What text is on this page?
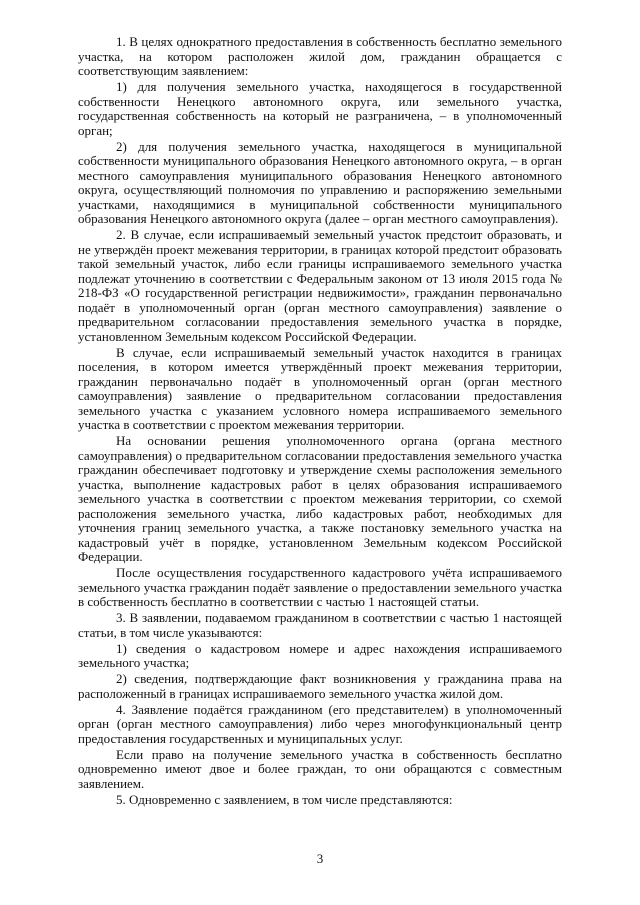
1. В целях однократного предоставления в собственность бесплатно земельного участка, на котором расположен жилой дом, гражданин обращается с соответствующим заявлением:

1) для получения земельного участка, находящегося в государственной собственности Ненецкого автономного округа, или земельного участка, государственная собственность на который не разграничена, – в уполномоченный орган;

2) для получения земельного участка, находящегося в муниципальной собственности муниципального образования Ненецкого автономного округа, – в орган местного самоуправления муниципального образования Ненецкого автономного округа, осуществляющий полномочия по управлению и распоряжению земельными участками, находящимися в муниципальной собственности муниципального образования Ненецкого автономного округа (далее – орган местного самоуправления).

2. В случае, если испрашиваемый земельный участок предстоит образовать, и не утверждён проект межевания территории, в границах которой предстоит образовать такой земельный участок, либо если границы испрашиваемого земельного участка подлежат уточнению в соответствии с Федеральным законом от 13 июля 2015 года № 218-ФЗ «О государственной регистрации недвижимости», гражданин первоначально подаёт в уполномоченный орган (орган местного самоуправления) заявление о предварительном согласовании предоставления земельного участка в порядке, установленном Земельным кодексом Российской Федерации.

В случае, если испрашиваемый земельный участок находится в границах поселения, в котором имеется утверждённый проект межевания территории, гражданин первоначально подаёт в уполномоченный орган (орган местного самоуправления) заявление о предварительном согласовании предоставления земельного участка с указанием условного номера испрашиваемого земельного участка в соответствии с проектом межевания территории.

На основании решения уполномоченного органа (органа местного самоуправления) о предварительном согласовании предоставления земельного участка гражданин обеспечивает подготовку и утверждение схемы расположения земельного участка, выполнение кадастровых работ в целях образования испрашиваемого земельного участка в соответствии с проектом межевания территории, со схемой расположения земельного участка, либо кадастровых работ, необходимых для уточнения границ земельного участка, а также постановку земельного участка на кадастровый учёт в порядке, установленном Земельным кодексом Российской Федерации.

После осуществления государственного кадастрового учёта испрашиваемого земельного участка гражданин подаёт заявление о предоставлении земельного участка в собственность бесплатно в соответствии с частью 1 настоящей статьи.

3. В заявлении, подаваемом гражданином в соответствии с частью 1 настоящей статьи, в том числе указываются:

1) сведения о кадастровом номере и адрес нахождения испрашиваемого земельного участка;

2) сведения, подтверждающие факт возникновения у гражданина права на расположенный в границах испрашиваемого земельного участка жилой дом.

4. Заявление подаётся гражданином (его представителем) в уполномоченный орган (орган местного самоуправления) либо через многофункциональный центр предоставления государственных и муниципальных услуг.

Если право на получение земельного участка в собственность бесплатно одновременно имеют двое и более граждан, то они обращаются с совместным заявлением.

5. Одновременно с заявлением, в том числе представляются:

3
